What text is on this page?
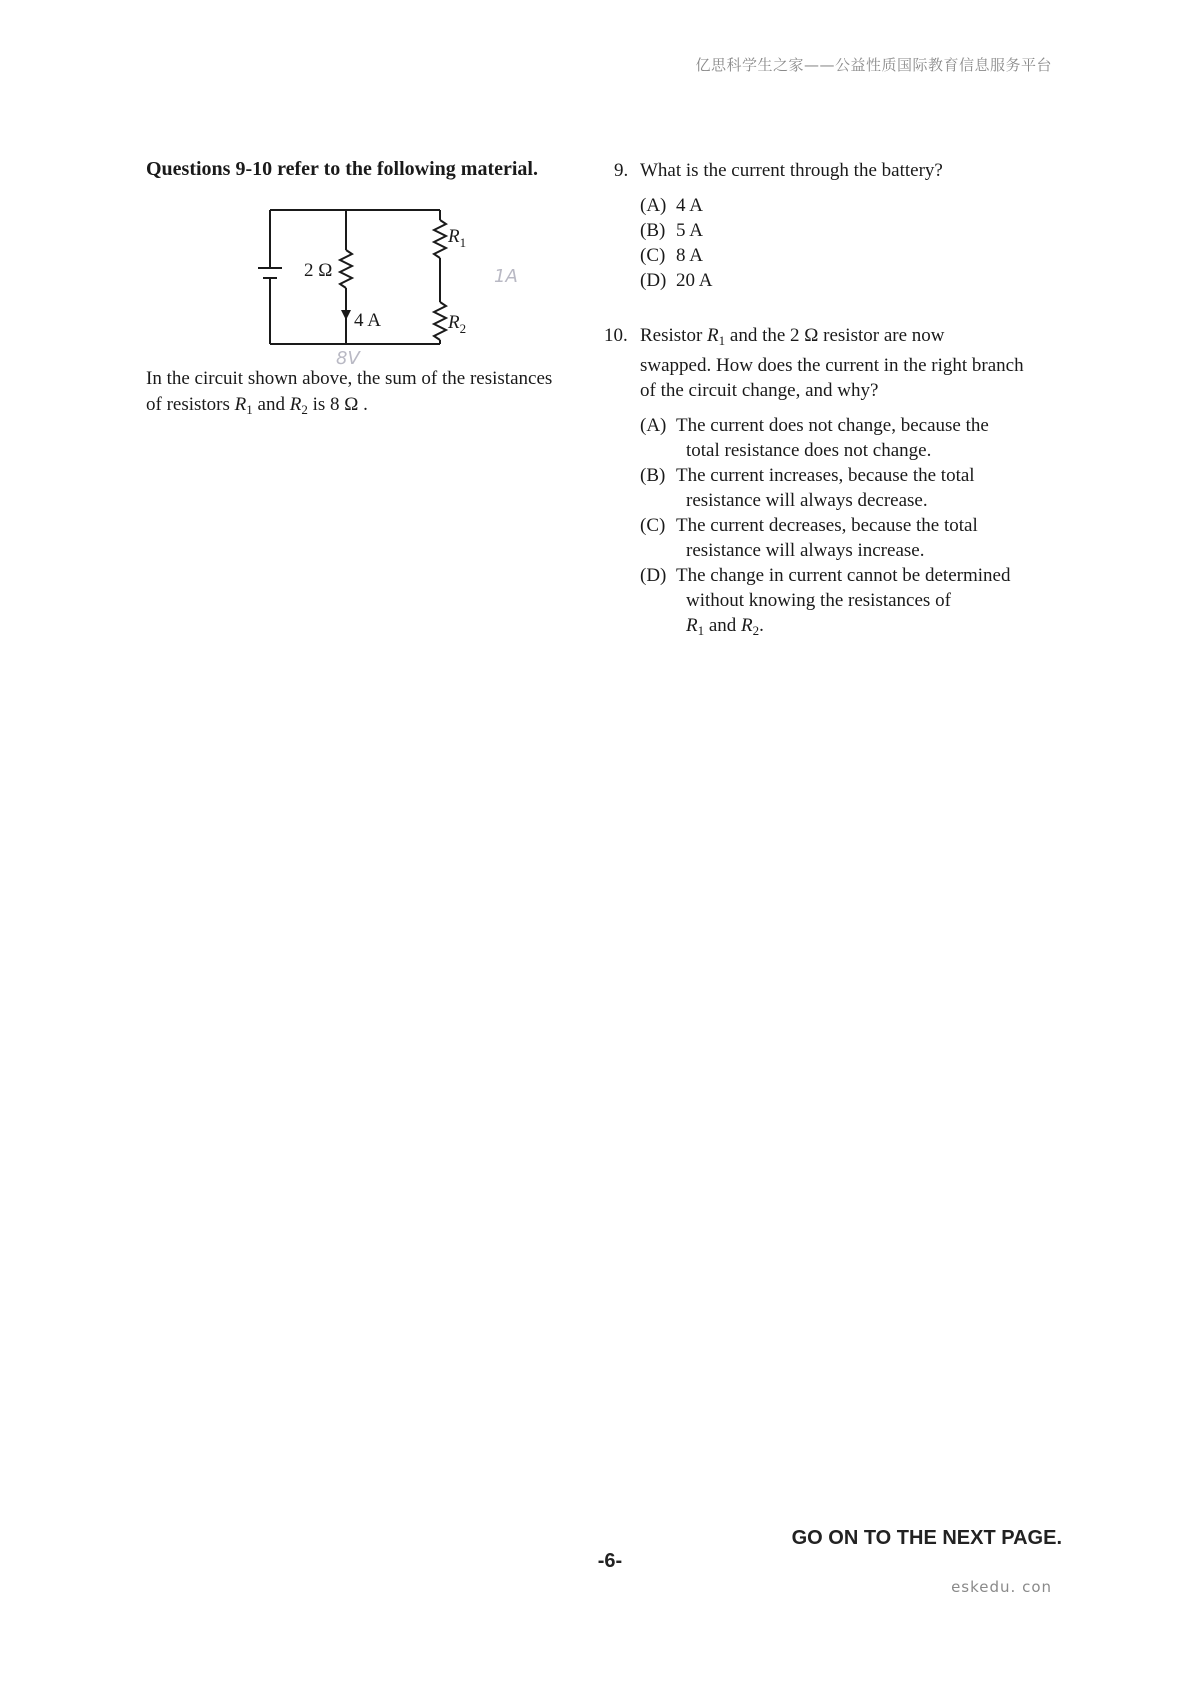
亿思科学生之家——公益性质国际教育信息服务平台

Questions 9-10 refer to the following material.

2 Ω
4 A
$R_1$
$R_2$
1A
8V
In the circuit shown above, the sum of the resistances
of resistors $R_1$ and $R_2$ is 8 Ω .
9. What is the current through the battery?
(A) 4 A
(B) 5 A
(C) 8 A
(D) 20 A
10. Resistor $R_1$ and the 2 Ω resistor are now
swapped. How does the current in the right branch
of the circuit change, and why?
(A) The current does not change, because the
total resistance does not change.
(B) The current increases, because the total
resistance will always decrease.
(C) The current decreases, because the total
resistance will always increase.
(D) The change in current cannot be determined
without knowing the resistances of
$R_1$ and $R_2$.
GO ON TO THE NEXT PAGE.
-6-
eskedu. con
